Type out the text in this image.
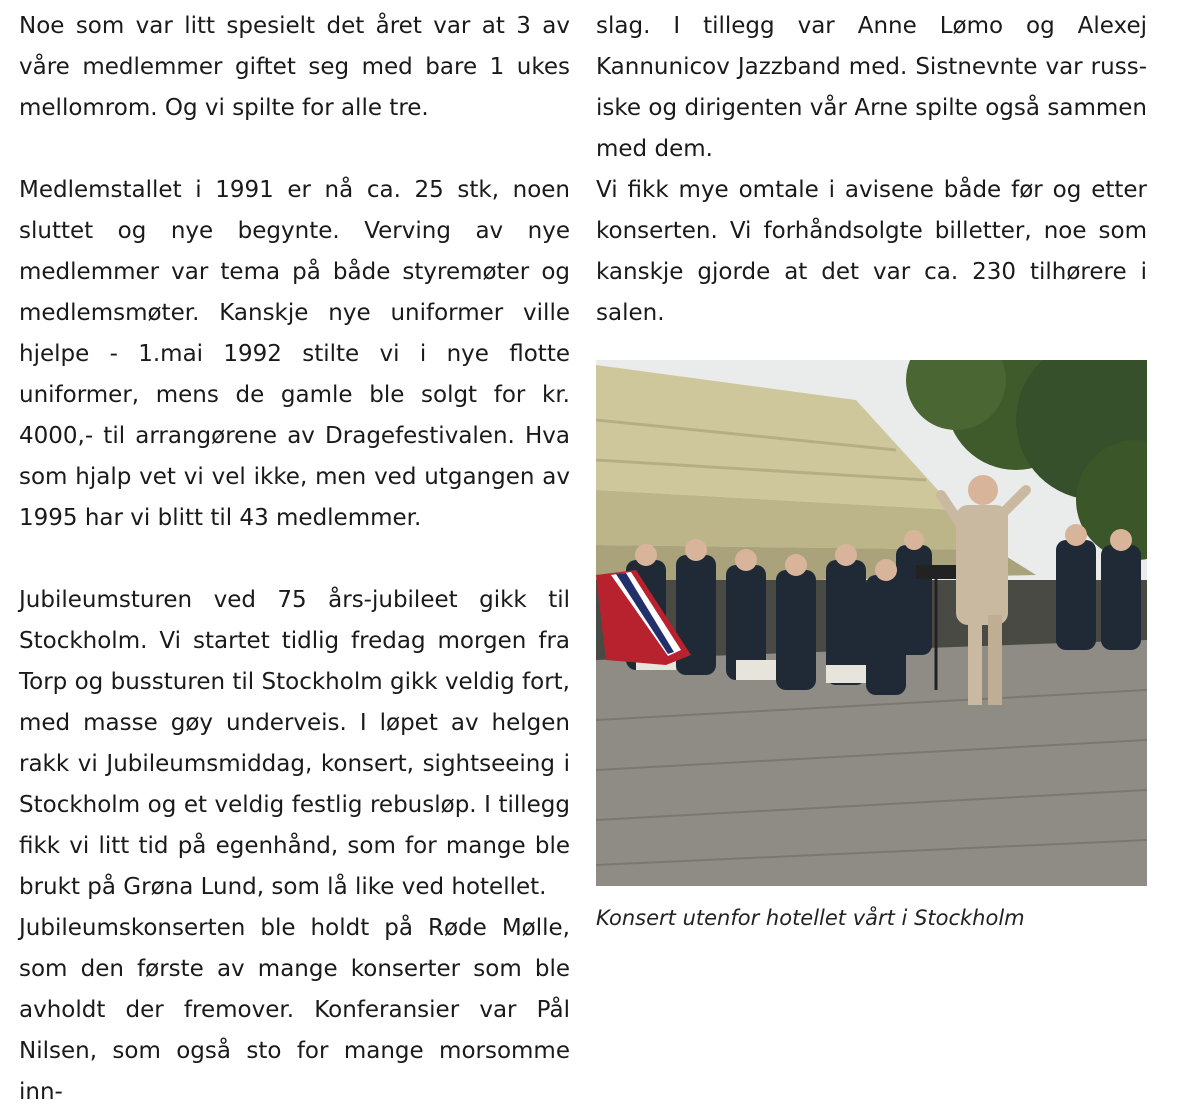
Noe som var litt spesielt det året var at 3 av våre medlemmer giftet seg med bare 1 ukes mellomrom. Og vi spilte for alle tre.

Medlemstallet i 1991 er nå ca. 25 stk, noen sluttet og nye begynte. Verving av nye medlemmer var tema på både styremøter og medlemsmøter. Kanskje nye uniformer ville hjelpe - 1.mai 1992 stilte vi i nye flotte uniformer, mens de gamle ble solgt for kr. 4000,- til arrangørene av Dragefestivalen. Hva som hjalp vet vi vel ikke, men ved utgangen av 1995 har vi blitt til 43 medlemmer.

Jubileumsturen ved 75 års-jubileet gikk til Stockholm. Vi startet tidlig fredag morgen fra Torp og bussturen til Stockholm gikk veldig fort, med masse gøy underveis. I løpet av helgen rakk vi Jubileumsmiddag, konsert, sightseeing i Stockholm og et veldig festlig rebusløp. I tillegg fikk vi litt tid på egenhånd, som for mange ble brukt på Grøna Lund, som lå like ved hotellet.

Jubileumskonserten ble holdt på Røde Mølle, som den første av mange konserter som ble avholdt der fremover. Konferansier var Pål Nilsen, som også sto for mange morsomme inn-

slag. I tillegg var Anne Lømo og Alexej Kannunicov Jazzband med. Sistnevnte var russiske og dirigenten vår Arne spilte også sammen med dem.

Vi fikk mye omtale i avisene både før og etter konserten. Vi forhåndsolgte billetter, noe som kanskje gjorde at det var ca. 230 tilhørere i salen.

Konsert utenfor hotellet vårt i Stockholm
